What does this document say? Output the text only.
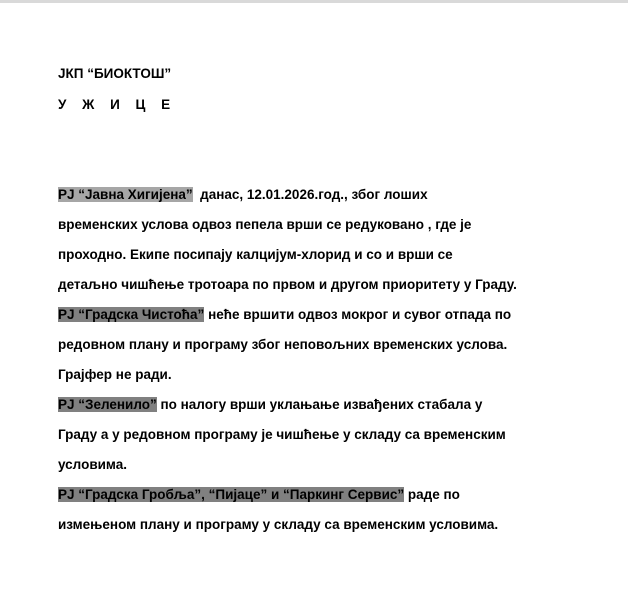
ЈКП “БИОКТОШ”
У Ж И Ц Е
РЈ “Јавна Хигијена”  данас, 12.01.2026.год., због лоших
временских услова одвоз пепела врши се редуковано , где је
проходно. Екипе посипају калцијум-хлорид и со и врши се
детаљно чишћење тротоара по првом и другом приоритету у Граду.
РЈ “Градска Чистоћа” неће вршити одвоз мокрог и сувог отпада по
редовном плану и програму због неповољних временских услова.
Грајфер не ради.
РЈ “Зеленило” по налогу врши уклањање извађених стабала у
Граду а у редовном програму је чишћење у складу са временским
условима.
РЈ “Градска Гробља”, “Пијаце” и “Паркинг Сервис” раде по
измењеном плану и програму у складу са временским условима.
